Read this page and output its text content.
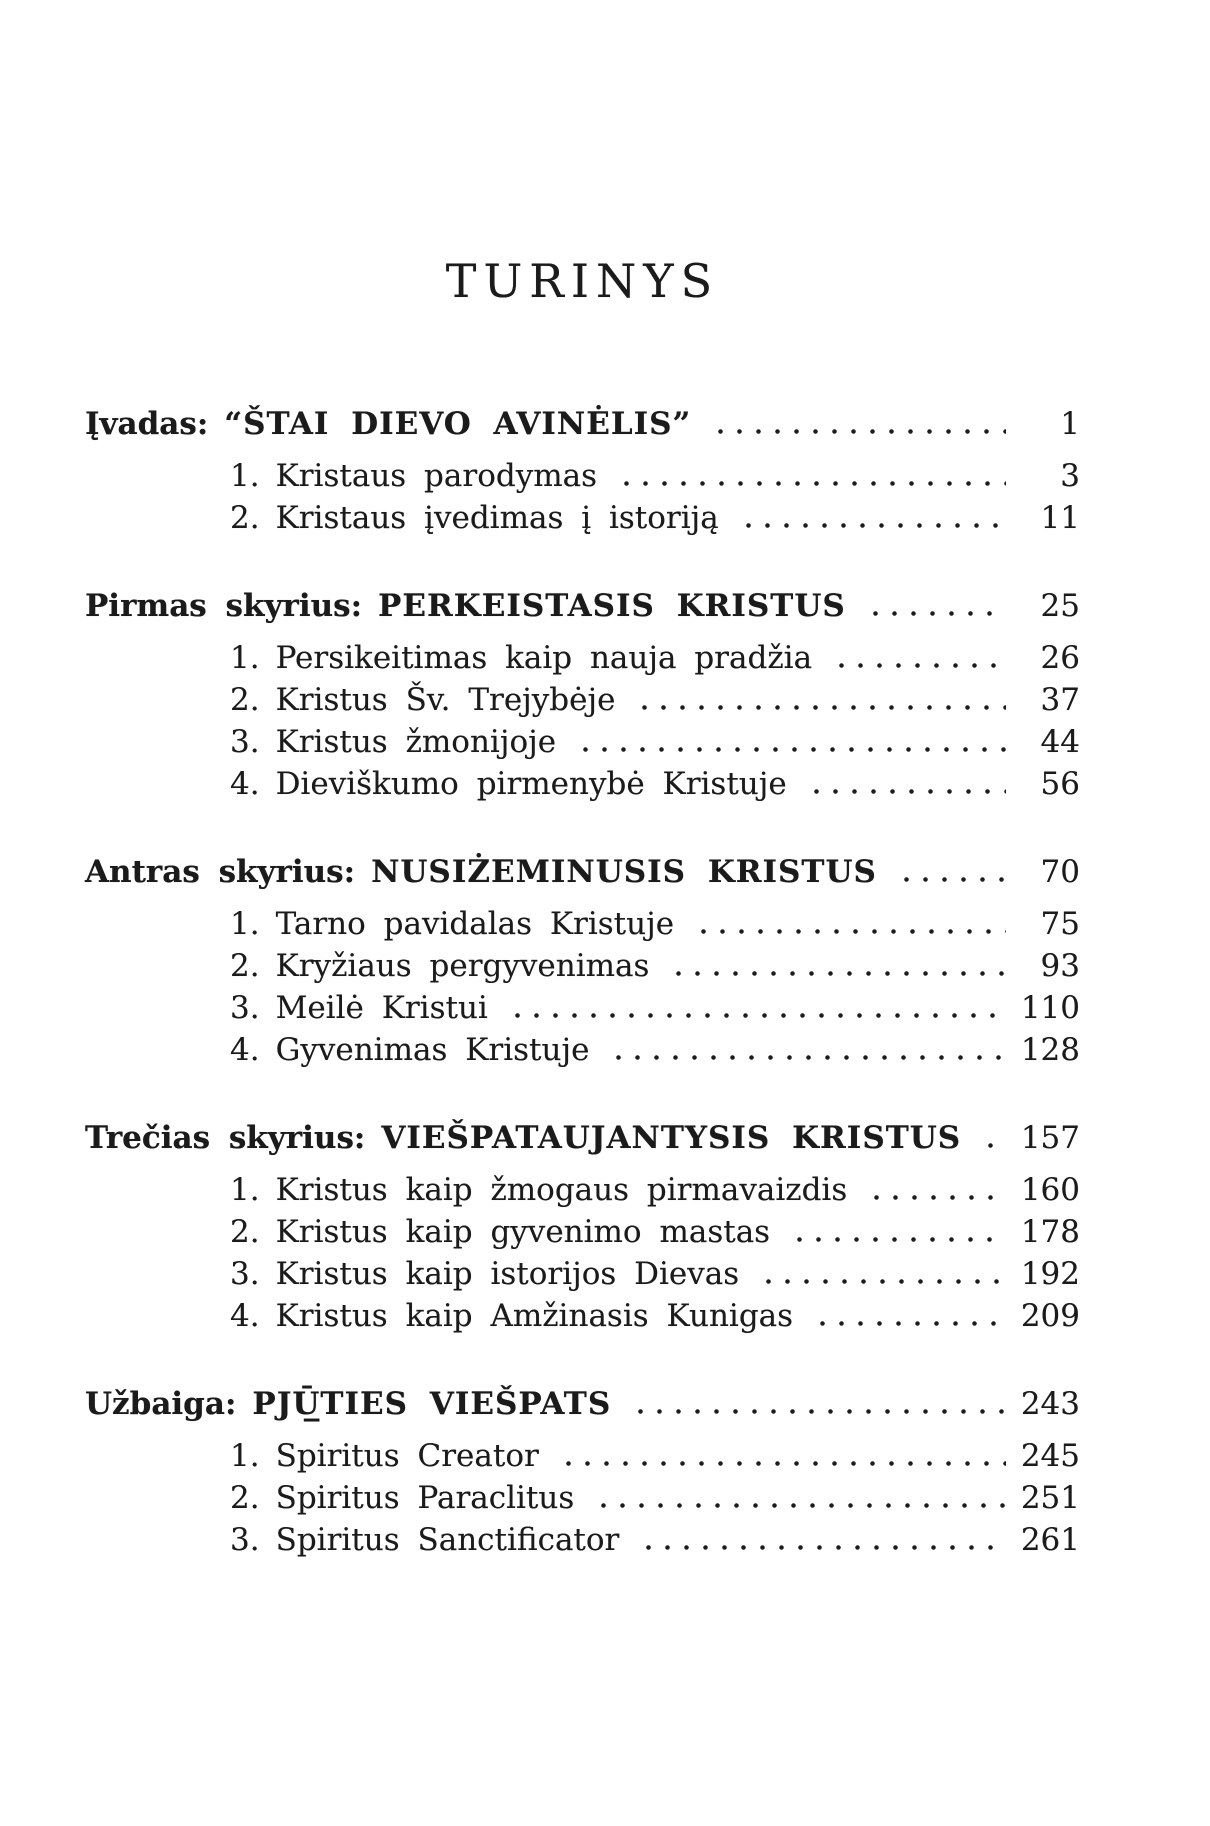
TURINYS
Įvadas: “ŠTAI DIEVO AVINĖLIS”	1
1. Kristaus parodymas	3
2. Kristaus įvedimas į istoriją	11
Pirmas skyrius: PERKEISTASIS KRISTUS	25
1. Persikeitimas kaip nauja pradžia	26
2. Kristus Šv. Trejybėje	37
3. Kristus žmonijoje	44
4. Dieviškumo pirmenybė Kristuje	56
Antras skyrius: NUSIŻEMINUSIS KRISTUS	70
1. Tarno pavidalas Kristuje	75
2. Kryžiaus pergyvenimas	93
3. Meilė Kristui	110
4. Gyvenimas Kristuje	128
Trečias skyrius: VIEŠPATAUJANTYSIS KRISTUS 157
1. Kristus kaip žmogaus pirmavaizdis	160
2. Kristus kaip gyvenimo mastas	178
3. Kristus kaip istorijos Dievas	192
4. Kristus kaip Amžinasis Kunigas	209
Užbaiga: PJŪ̲TIES VIEŠPATS	243
1. Spiritus Creator	245
2. Spiritus Paraclitus	251
3. Spiritus Sanctificator	261
